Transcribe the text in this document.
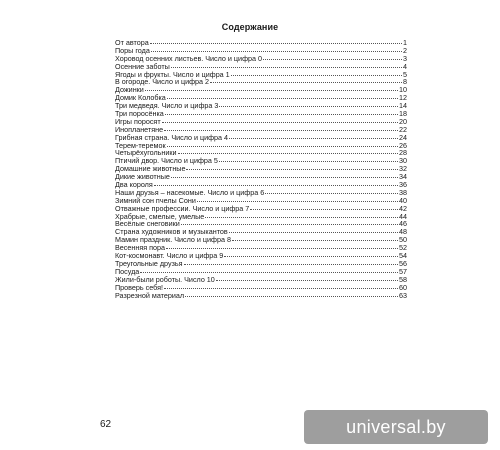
Содержание
От автора	1
Поры года	2
Хоровод осенних листьев. Число и цифра 0	3
Осенние заботы	4
Ягоды и фрукты. Число и цифра 1	5
В огороде. Число и цифра 2	8
Дожинки	10
Домик Колобка	12
Три медведя. Число и цифра 3	14
Три поросёнка	18
Игры поросят	20
Инопланетяне	22
Грибная страна. Число и цифра 4	24
Терем-теремок	26
Четырёхугольники	28
Птичий двор. Число и цифра 5	30
Домашние животные	32
Дикие животные	34
Два короля	36
Наши друзья – насекомые. Число и цифра 6	38
Зимний сон пчелы Сони	40
Отважные профессии. Число и цифра 7	42
Храбрые, смелые, умелые	44
Весёлые снеговики	46
Страна художников и музыкантов	48
Мамин праздник. Число и цифра 8	50
Весенняя пора	52
Кот-космонавт. Число и цифра 9	54
Треугольные друзья	56
Посуда	57
Жили-были роботы. Число 10	58
Проверь себя!	60
Разрезной материал	63
62	universal.by
